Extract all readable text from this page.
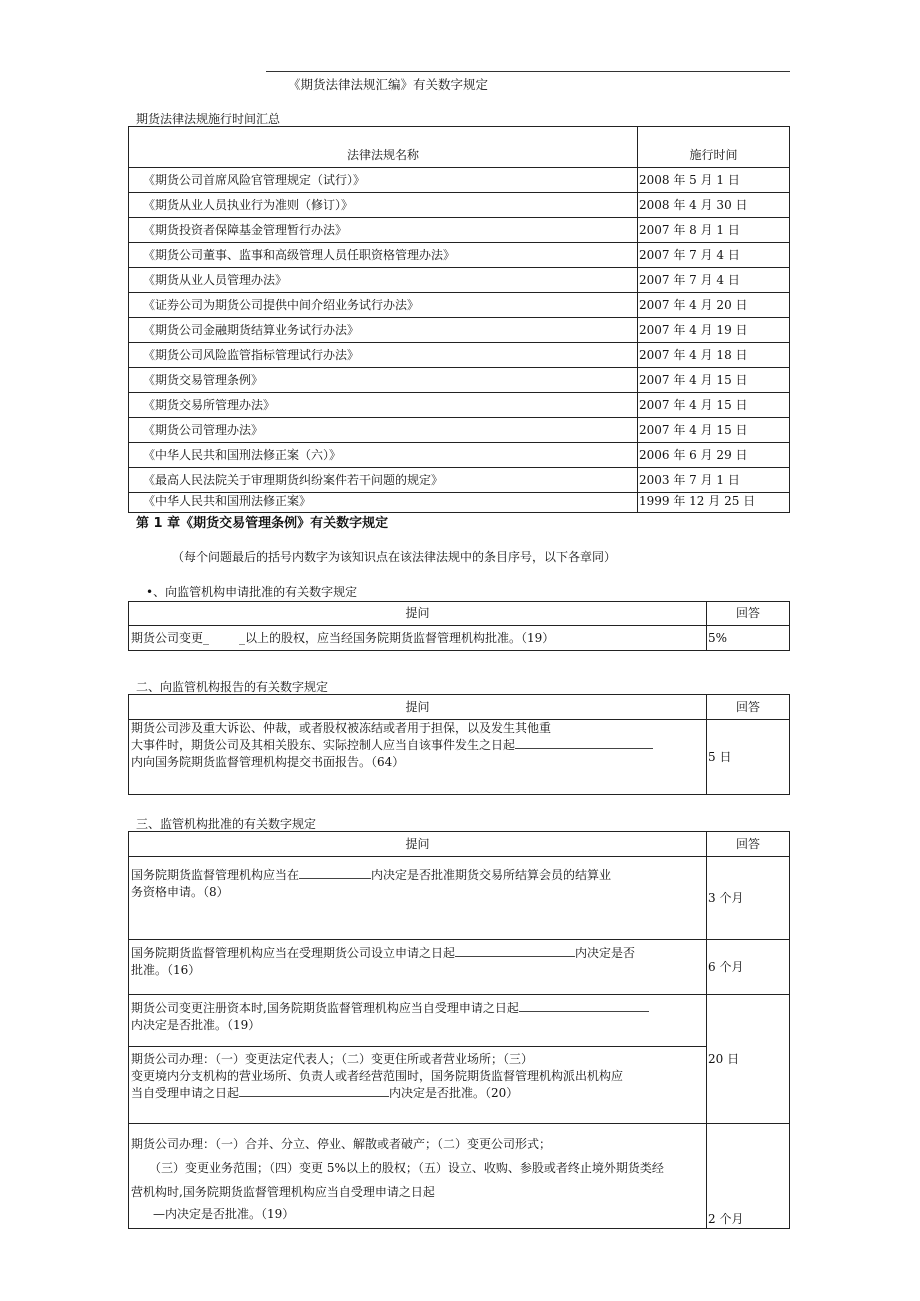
《期货法律法规汇编》有关数字规定
期货法律法规施行时间汇总
法律法规名称	施行时间
《期货公司首席风险官管理规定（试行）》	2008 年 5 月 1 日
《期货从业人员执业行为准则（修订）》	2008 年 4 月 30 日
《期货投资者保障基金管理暂行办法》	2007 年 8 月 1 日
《期货公司董事、监事和高级管理人员任职资格管理办法》	2007 年 7 月 4 日
《期货从业人员管理办法》	2007 年 7 月 4 日
《证券公司为期货公司提供中间介绍业务试行办法》	2007 年 4 月 20 日
《期货公司金融期货结算业务试行办法》	2007 年 4 月 19 日
《期货公司风险监管指标管理试行办法》	2007 年 4 月 18 日
《期货交易管理条例》	2007 年 4 月 15 日
《期货交易所管理办法》	2007 年 4 月 15 日
《期货公司管理办法》	2007 年 4 月 15 日
《中华人民共和国刑法修正案（六）》	2006 年 6 月 29 日
《最高人民法院关于审理期货纠纷案件若干问题的规定》	2003 年 7 月 1 日
《中华人民共和国刑法修正案》	1999 年 12 月 25 日
第 1 章《期货交易管理条例》有关数字规定
（每个问题最后的括号内数字为该知识点在该法律法规中的条目序号，以下各章同）
•、向监管机构申请批准的有关数字规定
提问	回答

期货公司变更_ _以上的股权，应当经国务院期货监督管理机构批准。（19）	5%
二、向监管机构报告的有关数字规定
提问	回答

期货公司涉及重大诉讼、仲裁，或者股权被冻结或者用于担保，以及发生其他重
大事件时，期货公司及其相关股东、实际控制人应当自该事件发生之日起
内向国务院期货监督管理机构提交书面报告。（64）	5 日
三、监管机构批准的有关数字规定
提问	回答

国务院期货监督管理机构应当在 内决定是否批准期货交易所结算会员的结算业
务资格申请。（8）	3 个月

国务院期货监督管理机构应当在受理期货公司设立申请之日起 内决定是否
批准。（16）	6 个月

期货公司变更注册资本时,国务院期货监督管理机构应当自受理申请之日起
内决定是否批准。（19）	20 日

期货公司办理：（一）变更法定代表人；（二）变更住所或者营业场所；（三）
变更境内分支机构的营业场所、负责人或者经营范围时，国务院期货监督管理机构派出机构应
当自受理申请之日起 内决定是否批准。（20）	

期货公司办理：（一）合并、分立、停业、解散或者破产；（二）变更公司形式；
（三）变更业务范围；（四）变更 5%以上的股权；（五）设立、收购、参股或者终止境外期货类经
营机构时,国务院期货监督管理机构应当自受理申请之日起
—内决定是否批准。（19）	2 个月
